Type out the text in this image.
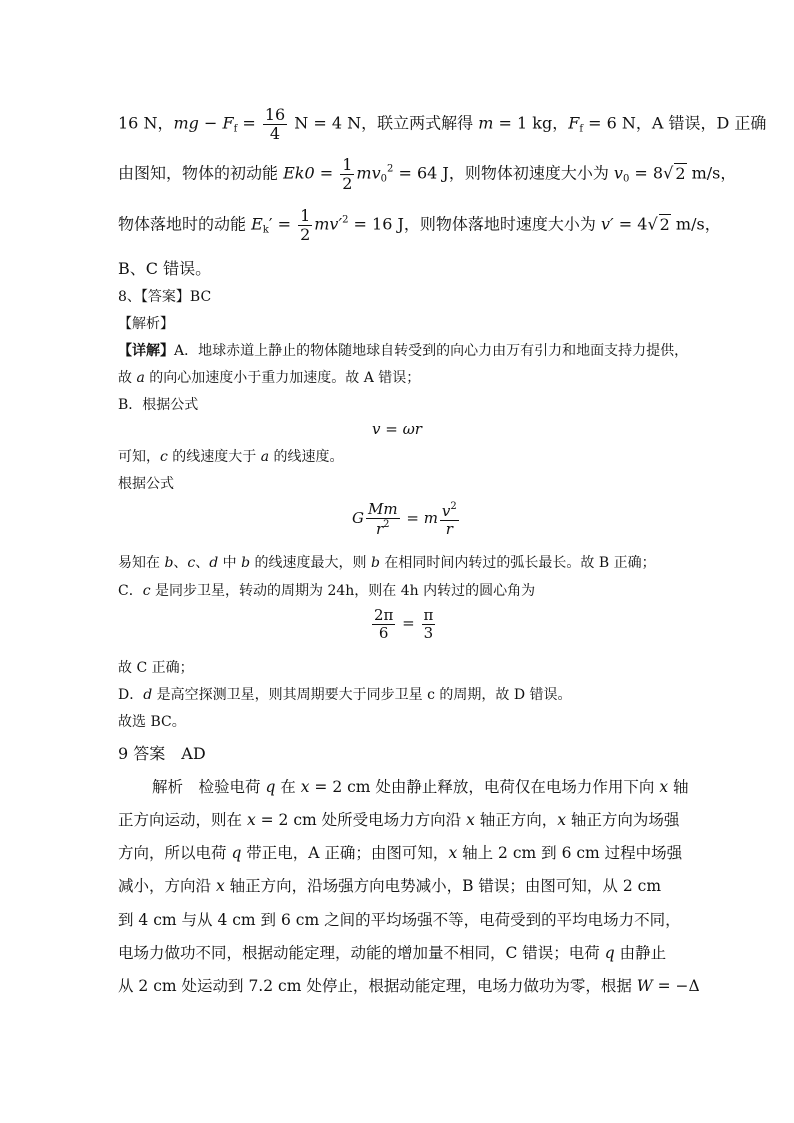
16 N，mg − $F_f = \frac{16}{4}$ N = 4 N，联立两式解得 m = 1 kg，$F_f = 6$ N，A 错误，D 正确
由图知，物体的初动能 $Ek0 = \frac{1}{2} mv_0^2 = 64$ J，则物体初速度大小为 $v_0 = 8√$ 2 m/s，
物体落地时的动能 $E_k' = \frac{1}{2} mv'^2 = 16$ J，则物体落地时速度大小为 v′ = 4√ 2 m/s，
B、C 错误。
8、【答案】BC
【解析】
【详解】A．地球赤道上静止的物体随地球自转受到的向心力由万有引力和地面支持力提供，
故 a 的向心加速度小于重力加速度。故 A 错误；
B．根据公式
v = ωr
可知，c 的线速度大于 a 的线速度。
根据公式
G $\frac{Mm}{r^2} = m \frac{v^2}{r}$
易知在 b、c、d 中 b 的线速度最大，则 b 在相同时间内转过的弧长最长。故 B 正确；
C．c 是同步卫星，转动的周期为 24h，则在 4h 内转过的圆心角为
$\frac{2\pi}{6} = \frac{\pi}{3}$
故 C 正确；
D．d 是高空探测卫星，则其周期要大于同步卫星 c 的周期，故 D 错误。
故选 BC。
9 答案　AD
解析　检验电荷 q 在 x = 2 cm 处由静止释放，电荷仅在电场力作用下向 x 轴
正方向运动，则在 x = 2 cm 处所受电场力方向沿 x 轴正方向，x 轴正方向为场强
方向，所以电荷 q 带正电，A 正确；由图可知，x 轴上 2 cm 到 6 cm 过程中场强
减小，方向沿 x 轴正方向，沿场强方向电势减小，B 错误；由图可知，从 2 cm
到 4 cm 与从 4 cm 到 6 cm 之间的平均场强不等，电荷受到的平均电场力不同，
电场力做功不同，根据动能定理，动能的增加量不相同，C 错误；电荷 q 由静止
从 2 cm 处运动到 7.2 cm 处停止，根据动能定理，电场力做功为零，根据 W = −Δ
